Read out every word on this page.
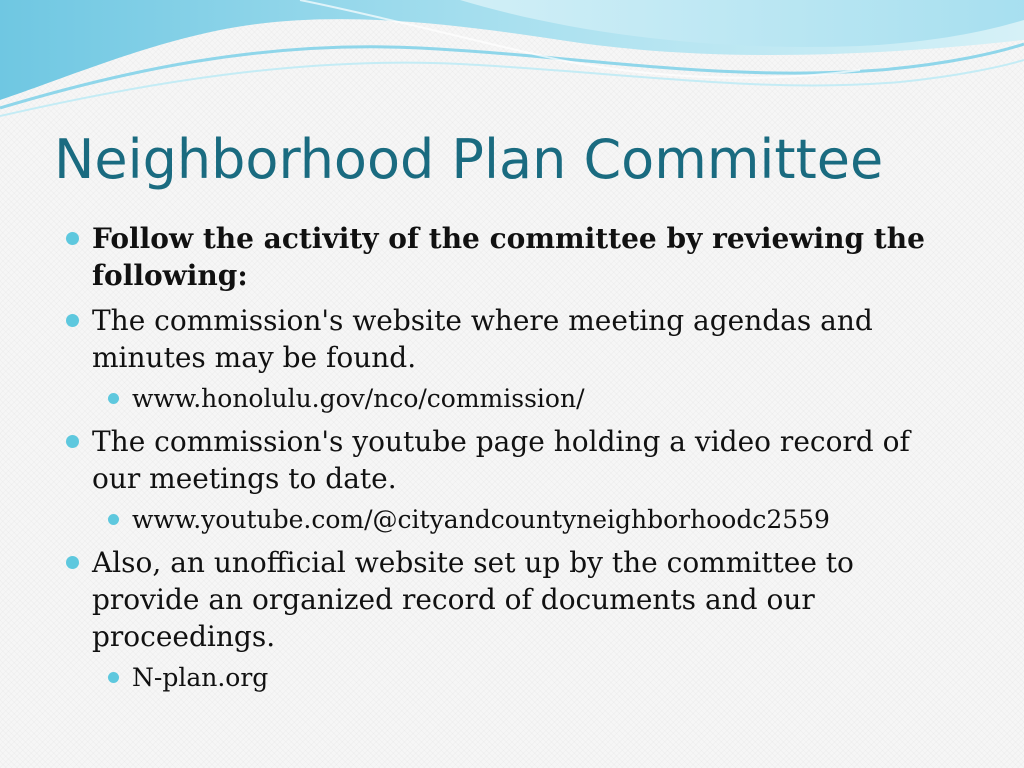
Neighborhood Plan Committee
Follow the activity of the committee by reviewing the following:
The commission's website where meeting agendas and minutes may be found.
www.honolulu.gov/nco/commission/
The commission's youtube page holding a video record of our meetings to date.
www.youtube.com/@cityandcountyneighborhoodc2559
Also, an unofficial website set up by the committee to provide an organized record of documents and our proceedings.
N-plan.org
